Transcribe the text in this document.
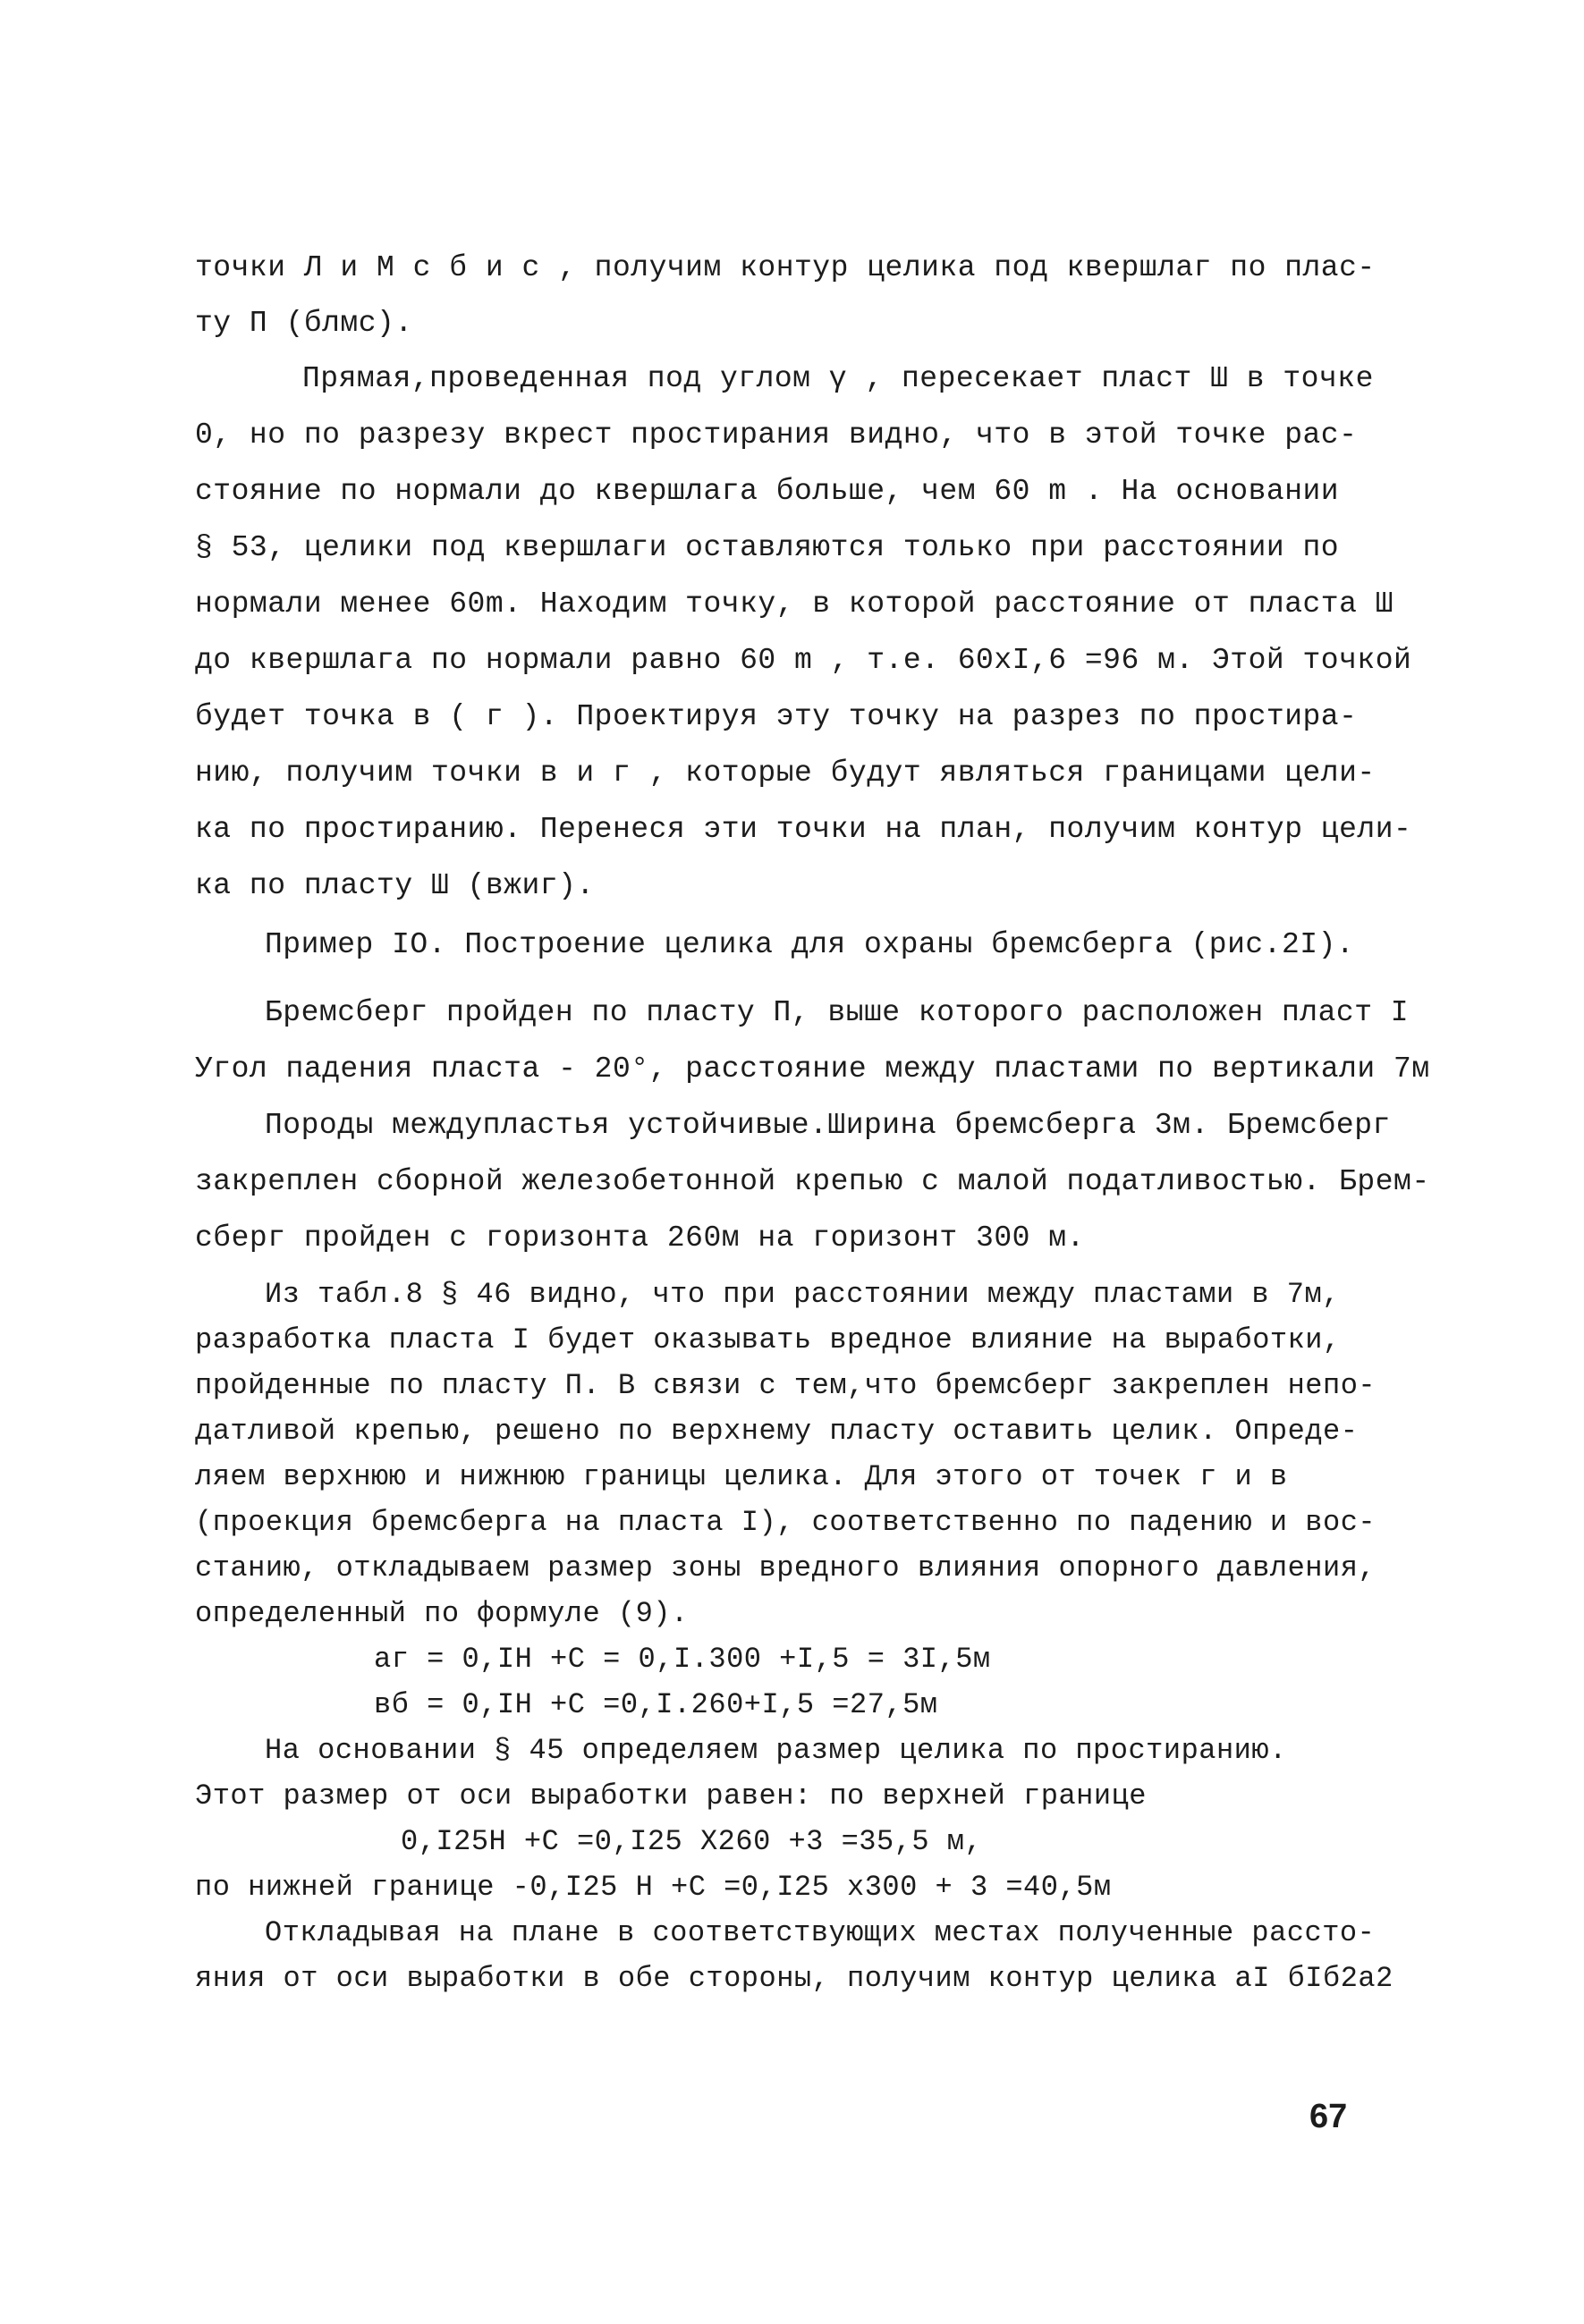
точки Л и М с б и с , получим контур целика под квершлаг по плас-
ту П (блмс).
Прямая,проведенная под углом γ , пересекает пласт Ш в точке
0, но по разрезу вкрест простирания видно, что в этой точке рас-
стояние по нормали до квершлага больше, чем 60 m . На основании
§ 53, целики под квершлаги оставляются только при расстоянии по
нормали менее 60m. Находим точку, в которой расстояние от пласта Ш
до квершлага по нормали равно 60 m , т.е. 60xI,6 =96 м. Этой точкой
будет точка в ( г ). Проектируя эту точку на разрез по простира-
нию, получим точки в и г , которые будут являться границами цели-
ка по простиранию. Перенеся эти точки на план, получим контур цели-
ка по пласту Ш (вжиг).
Пример IO. Построение целика для охраны бремсберга (рис.2I).
Бремсберг пройден по пласту П, выше которого расположен пласт I
Угол падения пласта - 20°, расстояние между пластами по вертикали 7м
Породы междупластья устойчивые.Ширина бремсберга 3м. Бремсберг
закреплен сборной железобетонной крепью с малой податливостью. Брем-
сберг пройден с горизонта 260м на горизонт 300 м.
Из табл.8 § 46 видно, что при расстоянии между пластами в 7м,
разработка пласта I будет оказывать вредное влияние на выработки,
пройденные по пласту П. В связи с тем,что бремсберг закреплен непо-
датливой крепью, решено по верхнему пласту оставить целик. Опреде-
ляем верхнюю и нижнюю границы целика. Для этого от точек г и в
(проекция бремсберга на пласта I), соответственно по падению и вос-
станию, откладываем размер зоны вредного влияния опорного давления,
определенный по формуле (9).
аг = 0,IH +C = 0,I.300 +I,5 = 3I,5м
вб = 0,IH +C =0,I.260+I,5 =27,5м
На основании § 45 определяем размер целика по простиранию.
Этот размер от оси выработки равен: по верхней границе
0,I25H +C =0,I25 X260 +3 =35,5 м,
по нижней границе -0,I25 H +C =0,I25 x300 + 3 =40,5м
Откладывая на плане в соответствующих местах полученные рассто-
яния от оси выработки в обе стороны, получим контур целика аI бIб2а2
67
